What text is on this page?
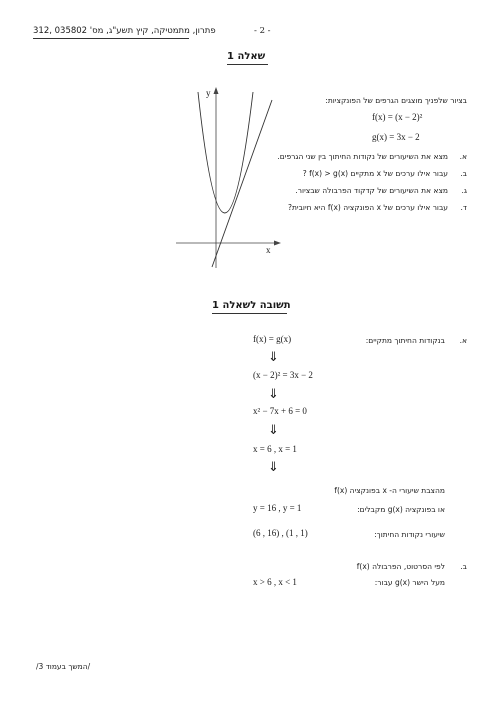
פתרון, מתמטיקה, קיץ תשע"ג, מס' 035802 ,312	- 2 -
שאלה 1
y
x
בציור שלפניך מוצגים הגרפים של הפונקציות:
f(x) = (x − 2)²
g(x) = 3x − 2
א.
מצא את השיעורים של נקודות החיתוך בין שני הגרפים.
ב.
עבור אילו ערכים של x מתקיים f(x) > g(x) ?
ג.
מצא את השיעורים של קדקוד הפרבולה שבציור.
ד.
עבור אילו ערכים של x הפונקציה f(x) היא חיובית?
תשובה לשאלה 1
א.
בנקודות החיתוך מתקיים:
f(x) = g(x)
⇓
(x − 2)² = 3x − 2
⇓
x² − 7x + 6 = 0
⇓
x = 6 , x = 1
⇓
מהצבת שיעורי ה- x בפונקציה f(x)
או בפונקציה g(x) מקבלים:
y = 16 , y = 1
שיעורי נקודות החיתוך:
(6 , 16) , (1 , 1)
ב.
לפי הסרטוט, הפרבולה f(x)
מעל הישר g(x) עבור:
x > 6 , x < 1
/המשך בעמוד 3/
